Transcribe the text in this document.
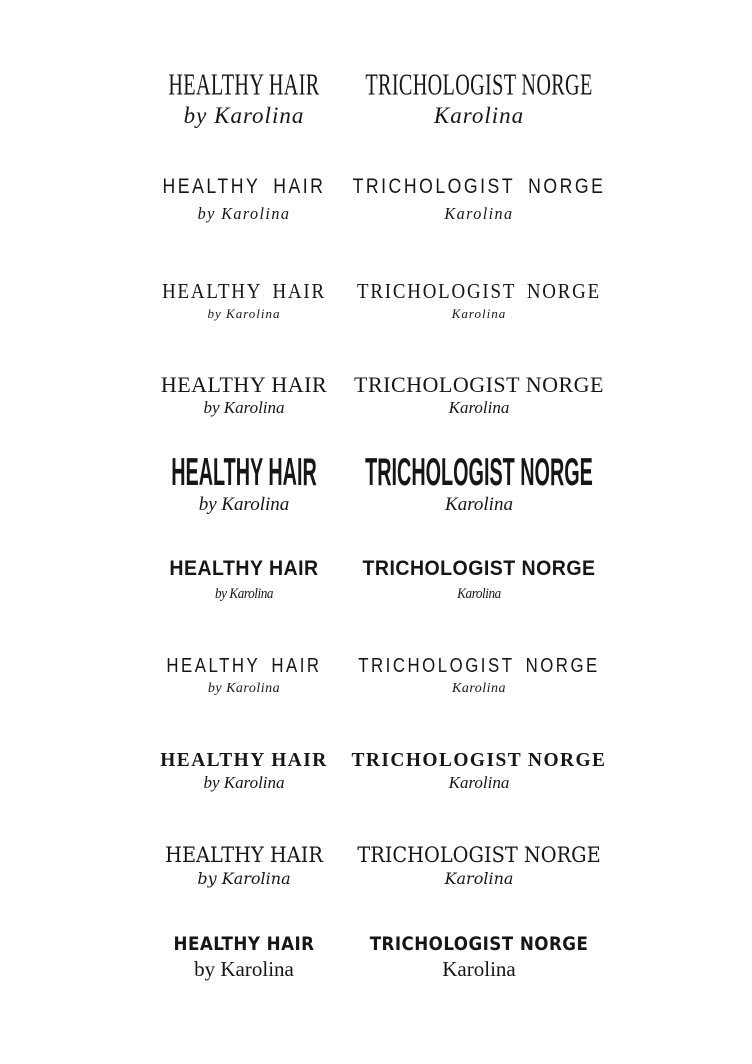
HEALTHY HAIR
by Karolina
TRICHOLOGIST NORGE
Karolina
HEALTHY HAIR
by Karolina
TRICHOLOGIST NORGE
Karolina
HEALTHY HAIR
by Karolina
TRICHOLOGIST NORGE
Karolina
HEALTHY HAIR
by Karolina
TRICHOLOGIST NORGE
Karolina
HEALTHY HAIR
by Karolina
TRICHOLOGIST NORGE
Karolina
HEALTHY HAIR
by Karolina
TRICHOLOGIST NORGE
Karolina
HEALTHY HAIR
by Karolina
TRICHOLOGIST NORGE
Karolina
HEALTHY HAIR
by Karolina
TRICHOLOGIST NORGE
Karolina
HEALTHY HAIR
by Karolina
TRICHOLOGIST NORGE
Karolina
HEALTHY HAIR
by Karolina
TRICHOLOGIST NORGE
Karolina
